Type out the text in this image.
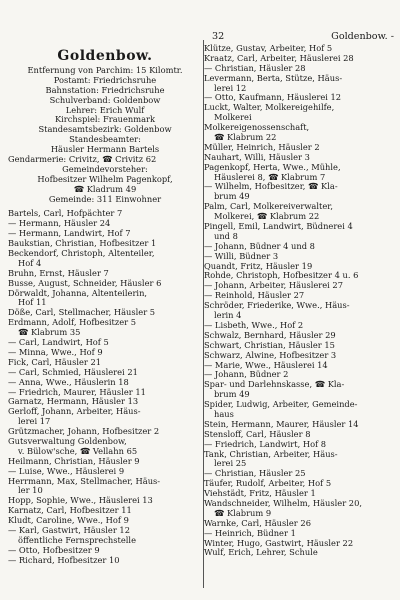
32	Goldenbow. -
Goldenbow.
Entfernung von Parchim: 15 Kilomtr.
Postamt: Friedrichsruhe
Bahnstation: Friedrichsruhe
Schulverband: Goldenbow
Lehrer: Erich Wulf
Kirchspiel: Frauenmark
Standesamtsbezirk: Goldenbow
Standesbeamter:
Häusler Hermann Bartels
Gendarmerie: Crivitz, ☎ Crivitz 62
Gemeindevorsteher:
Hofbesitzer Wilhelm Pagenkopf,
☎ Kladrum 49
Gemeinde: 311 Einwohner
Bartels, Carl, Hofpächter 7
— Hermann, Häusler 24
— Hermann, Landwirt, Hof 7
Baukstian, Christian, Hofbesitzer 1
Beckendorf, Christoph, Altenteiler,
Hof 4
Bruhn, Ernst, Häusler 7
Busse, August, Schneider, Häusler 6
Dörwaldt, Johanna, Altenteilerin,
Hof 11
Döße, Carl, Stellmacher, Häusler 5
Erdmann, Adolf, Hofbesitzer 5
☎ Klabrum 35
— Carl, Landwirt, Hof 5
— Minna, Wwe., Hof 9
Fick, Carl, Häusler 21
— Carl, Schmied, Häuslerei 21
— Anna, Wwe., Häuslerin 18
— Friedrich, Maurer, Häusler 11
Garnatz, Hermann, Häusler 13
Gerloff, Johann, Arbeiter, Häus-
lerei 17
Grützmacher, Johann, Hofbesitzer 2
Gutsverwaltung Goldenbow,
v. Bülow'sche, ☎ Vellahn 65
Heilmann, Christian, Häusler 9
— Luise, Wwe., Häuslerei 9
Herrmann, Max, Stellmacher, Häus-
ler 10
Hopp, Sophie, Wwe., Häuslerei 13
Karnatz, Carl, Hofbesitzer 11
Kludt, Caroline, Wwe., Hof 9
— Karl, Gastwirt, Häusler 12
öffentliche Fernsprechstelle
— Otto, Hofbesitzer 9
— Richard, Hofbesitzer 10
Klütze, Gustav, Arbeiter, Hof 5
Kraatz, Carl, Arbeiter, Häuslerei 28
— Christian, Häusler 28
Levermann, Berta, Stütze, Häus-
lerei 12
— Otto, Kaufmann, Häuslerei 12
Luckt, Walter, Molkereigehilfe,
Molkerei
Molkereigenossenschaft,
☎ Klabrum 22
Müller, Heinrich, Häusler 2
Nauhart, Willi, Häusler 3
Pagenkopf, Herta, Wwe., Mühle,
Häuslerei 8, ☎ Klabrum 7
— Wilhelm, Hofbesitzer, ☎ Kla-
brum 49
Palm, Carl, Molkereiverwalter,
Molkerei, ☎ Klabrum 22
Pingell, Emil, Landwirt, Büdnerei 4
und 8
— Johann, Büdner 4 und 8
— Willi, Büdner 3
Quandt, Fritz, Häusler 19
Rohde, Christoph, Hofbesitzer 4 u. 6
— Johann, Arbeiter, Häuslerei 27
— Reinhold, Häusler 27
Schröder, Friederike, Wwe., Häus-
lerin 4
— Lisbeth, Wwe., Hof 2
Schwalz, Bernhard, Häusler 29
Schwart, Christian, Häusler 15
Schwarz, Alwine, Hofbesitzer 3
— Marie, Wwe., Häuslerei 14
— Johann, Büdner 2
Spar- und Darlehnskasse, ☎ Kla-
brum 49
Spider, Ludwig, Arbeiter, Gemeinde-
haus
Stein, Hermann, Maurer, Häusler 14
Stensloff, Carl, Häusler 8
— Friedrich, Landwirt, Hof 8
Tank, Christian, Arbeiter, Häus-
lerei 25
— Christian, Häusler 25
Täufer, Rudolf, Arbeiter, Hof 5
Viehstädt, Fritz, Häusler 1
Wandschneider, Wilhelm, Häusler 20,
☎ Klabrum 9
Warnke, Carl, Häusler 26
— Heinrich, Büdner 1
Winter, Hugo, Gastwirt, Häusler 22
Wulf, Erich, Lehrer, Schule
